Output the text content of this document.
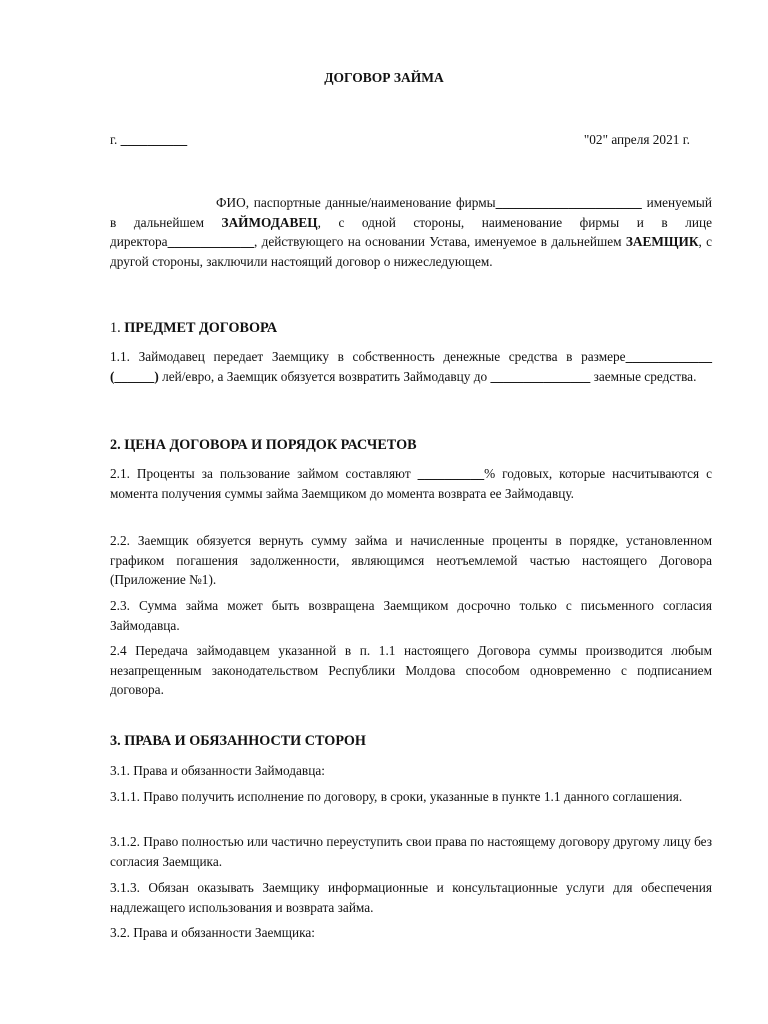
ДОГОВОР ЗАЙМА
г. __________	"02" апреля 2021 г.
ФИО, паспортные данные/наименование фирмы______________________ именуемый в дальнейшем ЗАЙМОДАВЕЦ, с одной стороны, наименование фирмы и в лице директора_____________, действующего на основании Устава, именуемое в дальнейшем ЗАЕМЩИК, с другой стороны, заключили настоящий договор о нижеследующем.
1. ПРЕДМЕТ ДОГОВОРА
1.1. Займодавец передает Заемщику в собственность денежные средства в размере_____________ (______) лей/евро, а Заемщик обязуется возвратить Займодавцу до _______________ заемные средства.
2. ЦЕНА ДОГОВОРА И ПОРЯДОК РАСЧЕТОВ
2.1. Проценты за пользование займом составляют __________% годовых, которые насчитываются с момента получения суммы займа Заемщиком до момента возврата ее Займодавцу.
2.2. Заемщик обязуется вернуть сумму займа и начисленные проценты в порядке, установленном графиком погашения задолженности, являющимся неотъемлемой частью настоящего Договора (Приложение №1).
2.3. Сумма займа может быть возвращена Заемщиком досрочно только с письменного согласия Займодавца.
2.4 Передача займодавцем указанной в п. 1.1 настоящего Договора суммы производится любым незапрещенным законодательством Республики Молдова способом одновременно с подписанием договора.
3. ПРАВА И ОБЯЗАННОСТИ СТОРОН
3.1. Права и обязанности Займодавца:
3.1.1. Право получить исполнение по договору, в сроки, указанные в пункте 1.1 данного соглашения.
3.1.2. Право полностью или частично переуступить свои права по настоящему договору другому лицу без согласия Заемщика.
3.1.3. Обязан оказывать Заемщику информационные и консультационные услуги для обеспечения надлежащего использования и возврата займа.
3.2. Права и обязанности Заемщика:
